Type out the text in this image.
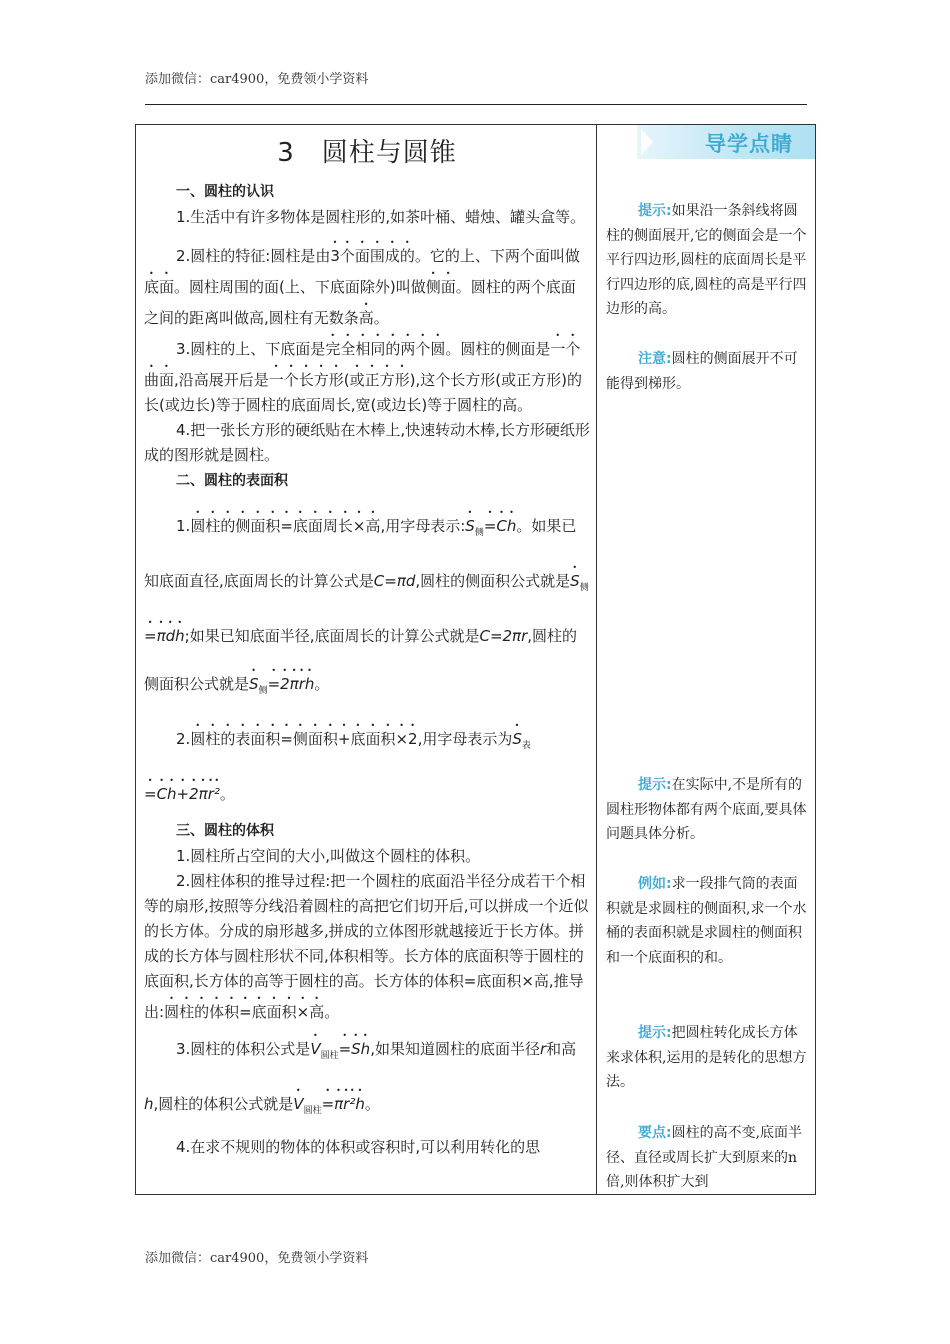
添加微信：car4900，免费领小学资料
3　圆柱与圆锥
一、圆柱的认识

1.生活中有许多物体是圆柱形的,如茶叶桶、蜡烛、罐头盒等。

2.圆柱的特征:圆柱是由3个面围成的。它的上、下两个面叫做底面。圆柱周围的面(上、下底面除外)叫做侧面。圆柱的两个底面之间的距离叫做高,圆柱有无数条高。

3.圆柱的上、下底面是完全相同的两个圆。圆柱的侧面是一个曲面,沿高展开后是一个长方形(或正方形),这个长方形(或正方形)的长(或边长)等于圆柱的底面周长,宽(或边长)等于圆柱的高。

4.把一张长方形的硬纸贴在木棒上,快速转动木棒,长方形硬纸形成的图形就是圆柱。

二、圆柱的表面积

1.圆柱的侧面积=底面周长×高,用字母表示$:S_侧=Ch$。如果已知底面直径,底面周长的计算公式是C=πd,圆柱的侧面积公式就是$S_侧=\pi dh$;如果已知底面半径,底面周长的计算公式就是C=2πr,圆柱的侧面积公式就是$S_侧=2\pi rh$。

2.圆柱的表面积=侧面积+底面积×2,用字母表示为$S_表=Ch+2\pi r^2$。

三、圆柱的体积

1.圆柱所占空间的大小,叫做这个圆柱的体积。

2.圆柱体积的推导过程:把一个圆柱的底面沿半径分成若干个相等的扇形,按照等分线沿着圆柱的高把它们切开后,可以拼成一个近似的长方体。分成的扇形越多,拼成的立体图形就越接近于长方体。拼成的长方体与圆柱形状不同,体积相等。长方体的底面积等于圆柱的底面积,长方体的高等于圆柱的高。长方体的体积=底面积×高,推导出:圆柱的体积=底面积×高。

3.圆柱的体积公式是$V_{圆柱}=Sh$,如果知道圆柱的底面半径r和高h,圆柱的体积公式就是$V_{圆柱}=\pi r^2h$。

4.在求不规则的物体的体积或容积时,可以利用转化的思

导学点睛
提示:如果沿一条斜线将圆柱的侧面展开,它的侧面会是一个平行四边形,圆柱的底面周长是平行四边形的底,圆柱的高是平行四边形的高。
注意:圆柱的侧面展开不可能得到梯形。
提示:在实际中,不是所有的圆柱形物体都有两个底面,要具体问题具体分析。
例如:求一段排气筒的表面积就是求圆柱的侧面积,求一个水桶的表面积就是求圆柱的侧面积和一个底面积的和。
提示:把圆柱转化成长方体来求体积,运用的是转化的思想方法。
要点:圆柱的高不变,底面半径、直径或周长扩大到原来的n倍,则体积扩大到
添加微信：car4900，免费领小学资料
